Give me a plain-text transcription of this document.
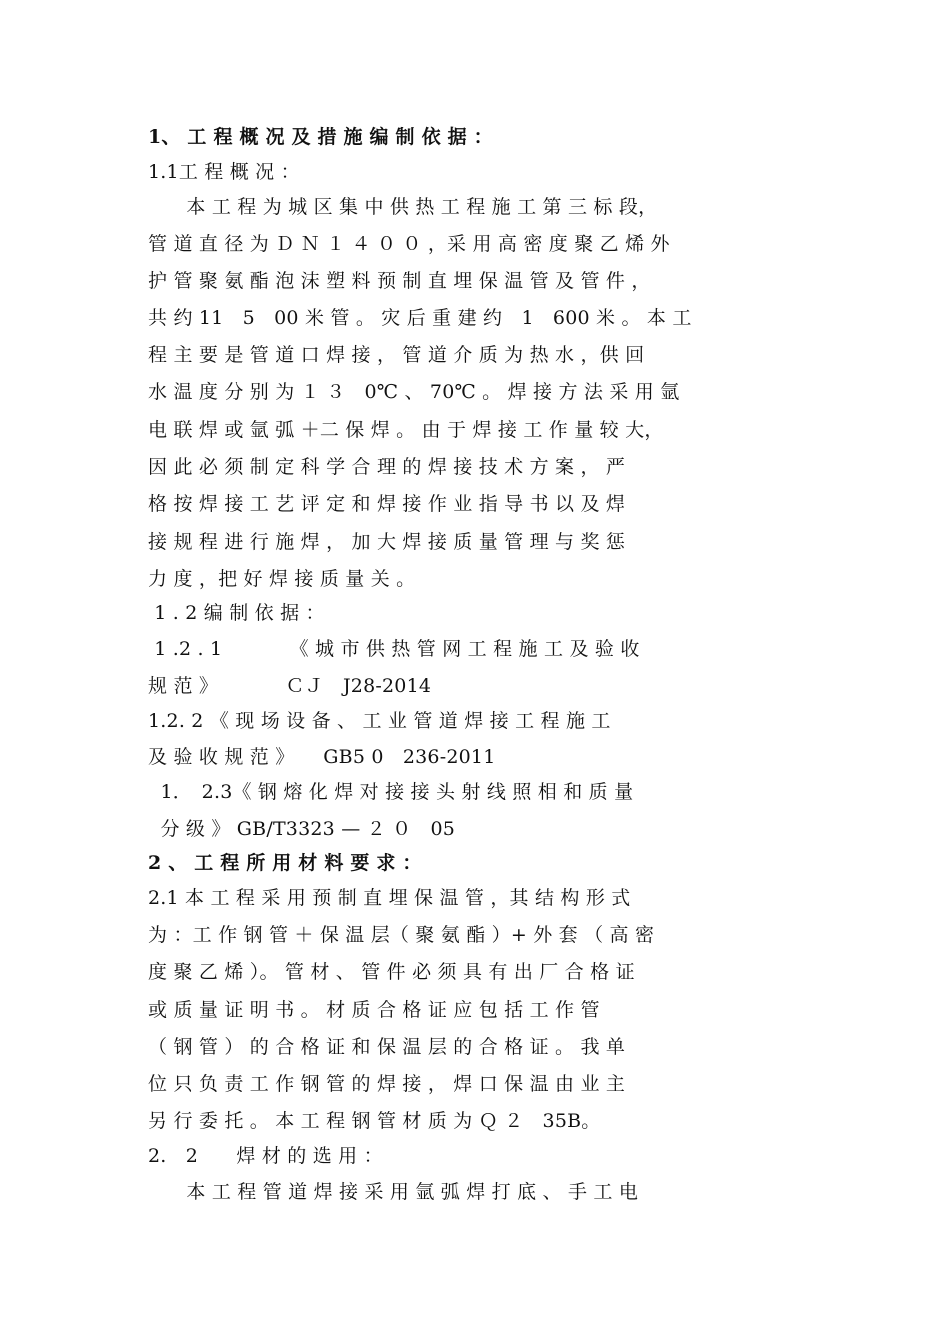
1、 工 程 概 况 及 措 施 编 制 依 据 ：
1.1工 程 概 况 ：
　　本 工 程 为 城 区 集 中 供 热 工 程 施 工 第 三 标 段，
管 道 直 径 为 Ｄ Ｎ １ ４ ０ ０ ，采 用 高 密 度 聚 乙 烯 外
护 管 聚 氨 酯 泡 沫 塑 料 预 制 直 埋 保 温 管 及 管 件 ，
共 约 11　5　00 米 管 。 灾 后 重 建 约　1　600 米 。 本 工
程 主 要 是 管 道 口 焊 接 ， 管 道 介 质 为 热 水 ，供 回
水 温 度 分 别 为 １ ３　0℃ 、 70℃ 。 焊 接 方 法 采 用 氩
电 联 焊 或 氩 弧 ＋二 保 焊 。 由 于 焊 接 工 作 量 较 大，
因 此 必 须 制 定 科 学 合 理 的 焊 接 技 术 方 案 ， 严
格 按 焊 接 工 艺 评 定 和 焊 接 作 业 指 导 书 以 及 焊
接 规 程 进 行 施 焊 ， 加 大 焊 接 质 量 管 理 与 奖 惩
力 度 ，把 好 焊 接 质 量 关 。
1 . 2 编 制 依 据 ：
1 .2 . 1　　　　《 城 市 供 热 管 网 工 程 施 工 及 验 收
规 范 》　　　　ＣＪ　J28-2014
1.2. 2 《 现 场 设 备 、 工 业 管 道 焊 接 工 程 施 工
及 验 收 规 范 》　　GB5 0　236-2011
1．　2.3《 钢 熔 化 焊 对 接 接 头 射 线 照 相 和 质 量
分 级 》 GB/T3323 — ２ ０　05
2 、 工 程 所 用 材 料 要 求 ：
2.1 本 工 程 采 用 预 制 直 埋 保 温 管 ，其 结 构 形 式
为 ：工 作 钢 管 ＋ 保 温 层（ 聚 氨 酯 ）+ 外 套 （ 高 密
度 聚 乙 烯 ）。 管 材 、 管 件 必 须 具 有 出 厂 合 格 证
或 质 量 证 明 书 。 材 质 合 格 证 应 包 括 工 作 管
（ 钢 管 ） 的 合 格 证 和 保 温 层 的 合 格 证 。 我 单
位 只 负 责 工 作 钢 管 的 焊 接 ， 焊 口 保 温 由 业 主
另 行 委 托 。 本 工 程 钢 管 材 质 为 Ｑ ２　35B。
2.　2　　焊 材 的 选 用 ：
　　本 工 程 管 道 焊 接 采 用 氩 弧 焊 打 底 、 手 工 电
